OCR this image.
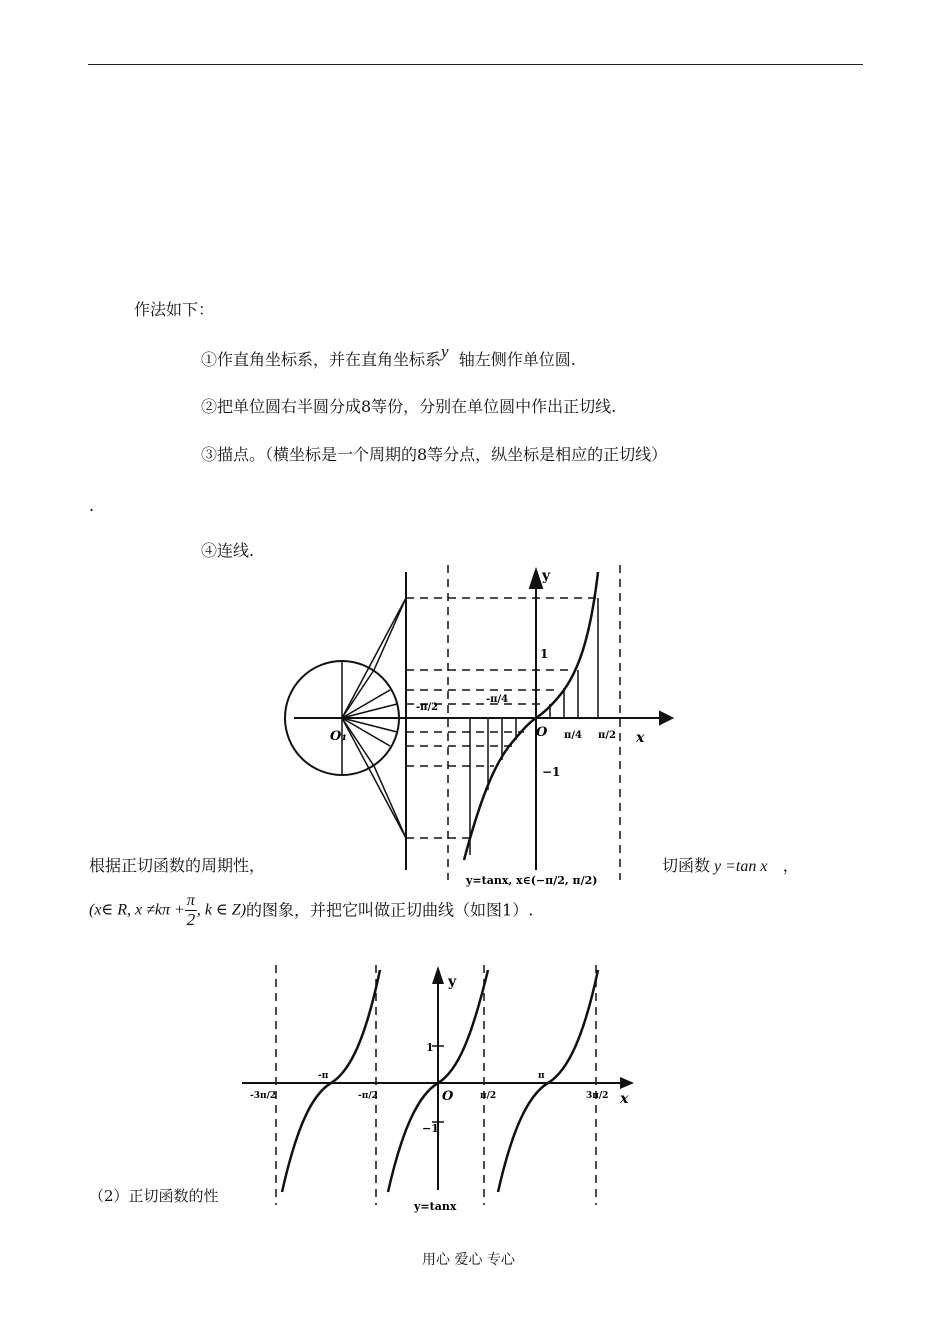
作法如下：
①作直角坐标系，并在直角坐标系y 轴左侧作单位圆.
②把单位圆右半圆分成8等份，分别在单位圆中作出正切线.
③描点。（横坐标是一个周期的8等分点，纵坐标是相应的正切线）
.
④连线.
y
x
O
O₁
1
−1
π/4 π/2
-π/2
-π/4
y=tanx, x∈(−π/2, π/2)
根据正切函数的周期性，	切函数 y =tan x ，
(x∈ R, $x \ne k\pi + \frac{\pi}{2}$ , k ∈ Z)的图象，并把它叫做正切曲线（如图1）.
y
x
O
1
−1
-3π/2
-π
-π/2	π/2
π
3π/2
y=tanx
（2）正切函数的性
用心 爱心 专心
